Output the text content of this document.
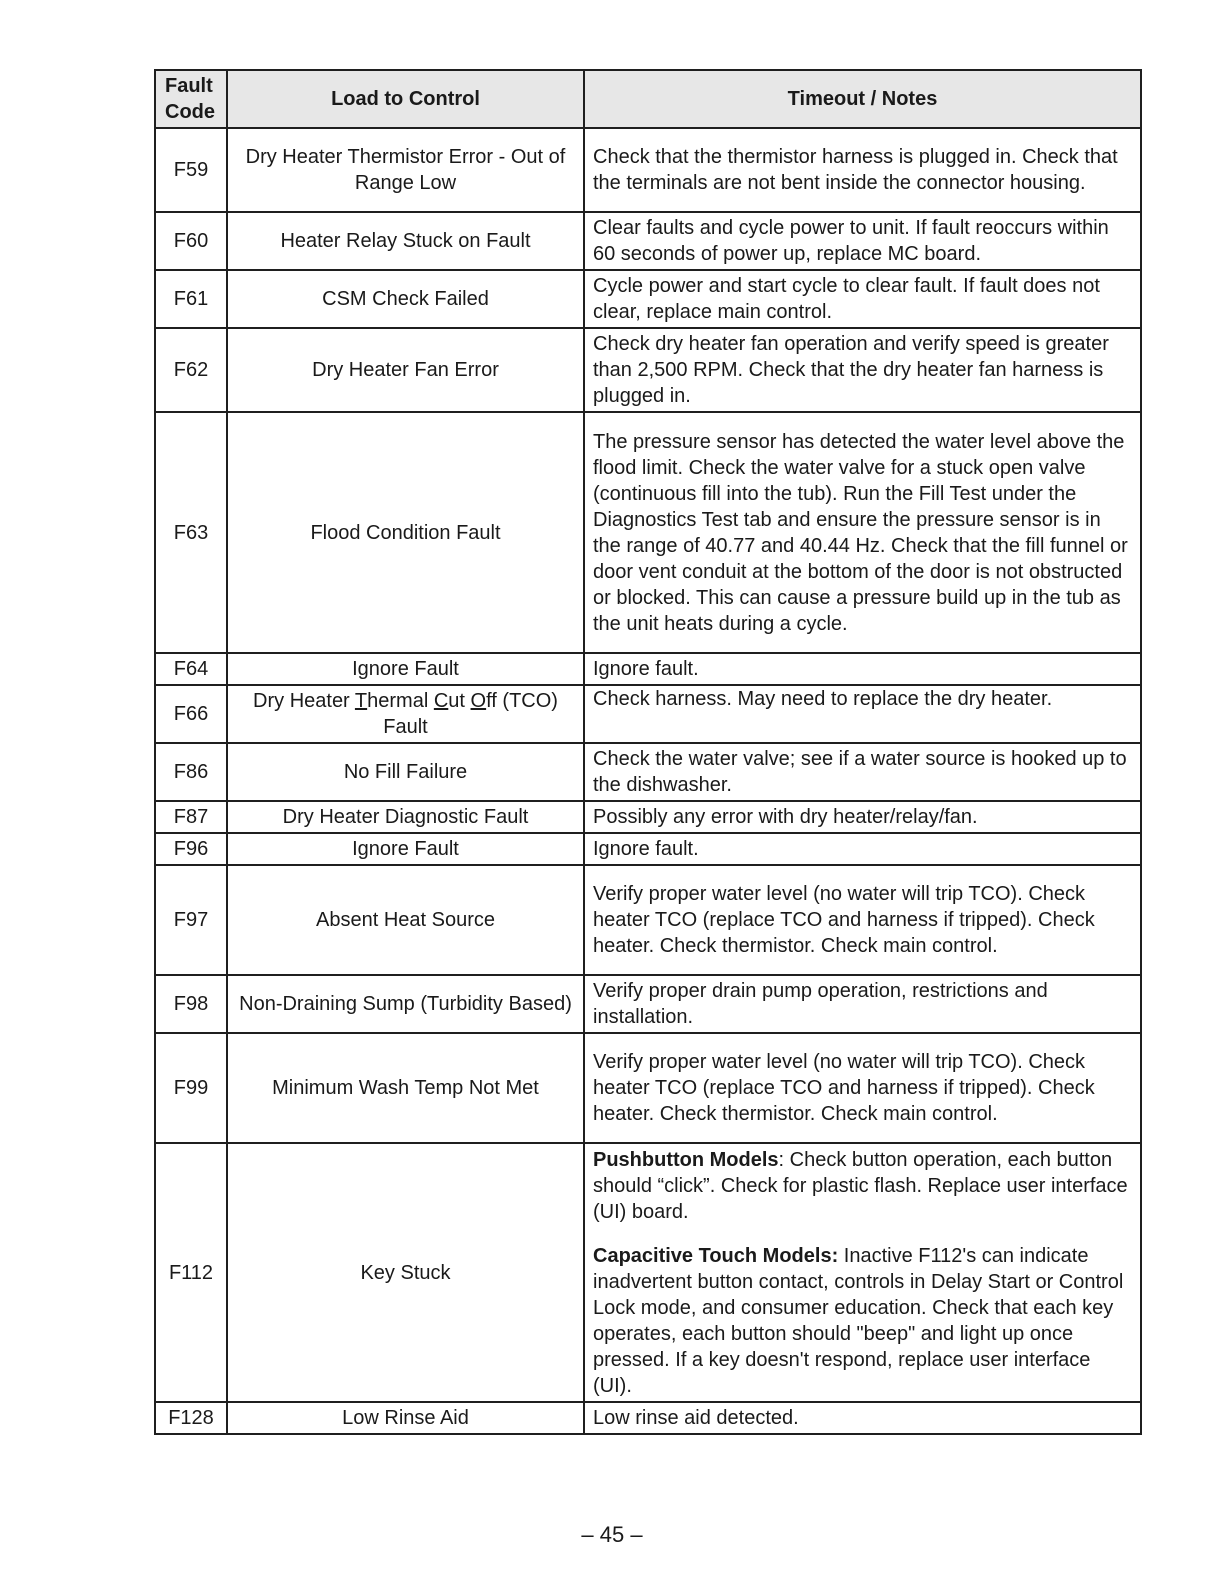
Fault
Code	Load to Control	Timeout / Notes
F59	Dry Heater Thermistor Error - Out of Range Low	Check that the thermistor harness is plugged in. Check that the terminals are not bent inside the connector housing.
F60	Heater Relay Stuck on Fault	Clear faults and cycle power to unit. If fault reoccurs within 60 seconds of power up, replace MC board.
F61	CSM Check Failed	Cycle power and start cycle to clear fault. If fault does not clear, replace main control.
F62	Dry Heater Fan Error	Check dry heater fan operation and verify speed is greater than 2,500 RPM. Check that the dry heater fan harness is plugged in.
F63	Flood Condition Fault	The pressure sensor has detected the water level above the flood limit. Check the water valve for a stuck open valve (continuous fill into the tub). Run the Fill Test under the Diagnostics Test tab and ensure the pressure sensor is in the range of 40.77 and 40.44 Hz. Check that the fill funnel or door vent conduit at the bottom of the door is not obstructed or blocked. This can cause a pressure build up in the tub as the unit heats during a cycle.
F64	Ignore Fault	Ignore fault.
F66	Dry Heater Thermal Cut Off (TCO) Fault	Check harness. May need to replace the dry heater.
F86	No Fill Failure	Check the water valve; see if a water source is hooked up to the dishwasher.
F87	Dry Heater Diagnostic Fault	Possibly any error with dry heater/relay/fan.
F96	Ignore Fault	Ignore fault.
F97	Absent Heat Source	Verify proper water level (no water will trip TCO). Check heater TCO (replace TCO and harness if tripped). Check heater. Check thermistor. Check main control.
F98	Non-Draining Sump (Turbidity Based)	Verify proper drain pump operation, restrictions and installation.
F99	Minimum Wash Temp Not Met	Verify proper water level (no water will trip TCO). Check heater TCO (replace TCO and harness if tripped). Check heater. Check thermistor. Check main control.
F112	Key Stuck	Pushbutton Models: Check button operation, each button should “click”. Check for plastic flash. Replace user interface (UI) board.
Capacitive Touch Models: Inactive F112's can indicate inadvertent button contact, controls in Delay Start or Control Lock mode, and consumer education. Check that each key operates, each button should "beep" and light up once pressed. If a key doesn't respond, replace user interface (UI).

F128	Low Rinse Aid	Low rinse aid detected.
– 45 –
